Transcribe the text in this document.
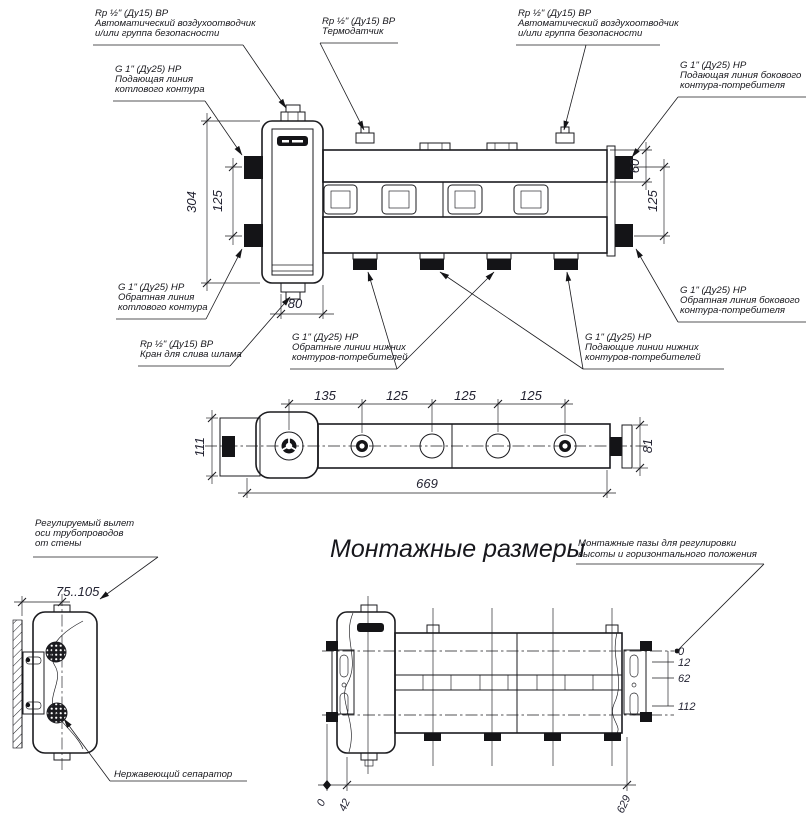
304 125
80
60
125
Rp ½" (Ду15) ВР
Автоматический воздухоотводчик
и/или группа безопасности
G 1" (Ду25) НР
Подающая линия
котлового контура
Rp ½" (Ду15) ВР
Термодатчик
Rp ½" (Ду15) ВР
Автоматический воздухоотводчик
и/или группа безопасности
G 1" (Ду25) НР
Подающая линия бокового
контура-потребителя
G 1" (Ду25) НР
Обратная линия
котлового контура
Rp ½" (Ду15) ВР
Кран для слива шлама
G 1" (Ду25) НР
Обратные линии нижних
контуров-потребителей
G 1" (Ду25) НР
Подающие линии нижних
контуров-потребителей
G 1" (Ду25) НР
Обратная линия бокового
контура-потребителя
135	125	125	125
111	81
669
75..105
Регулируемый вылет
оси трубопроводов
от стены
Нержавеющий сепаратор
Монтажные размеры
Монтажные пазы для регулировки
высоты и горизонтального положения
0
12
62
112
0 42	629
